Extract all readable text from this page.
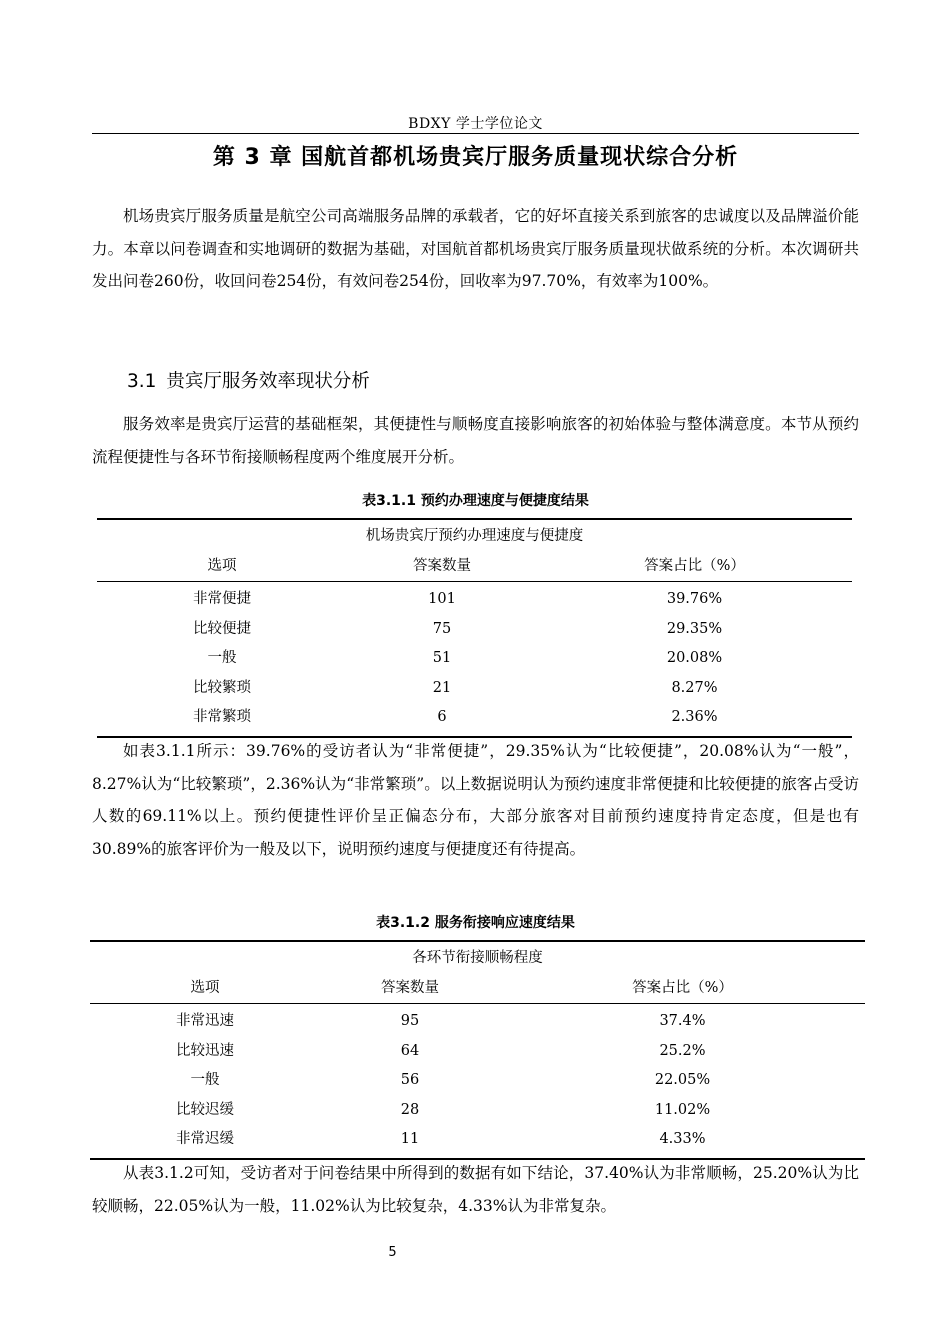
BDXY 学士学位论文
第 3 章 国航首都机场贵宾厅服务质量现状综合分析

机场贵宾厅服务质量是航空公司高端服务品牌的承载者，它的好坏直接关系到旅客的忠诚度以及品牌溢价能力。本章以问卷调查和实地调研的数据为基础，对国航首都机场贵宾厅服务质量现状做系统的分析。本次调研共发出问卷260份，收回问卷254份，有效问卷254份，回收率为97.70%，有效率为100%。

3.1 贵宾厅服务效率现状分析

服务效率是贵宾厅运营的基础框架，其便捷性与顺畅度直接影响旅客的初始体验与整体满意度。本节从预约流程便捷性与各环节衔接顺畅程度两个维度展开分析。

表3.1.1 预约办理速度与便捷度结果
机场贵宾厅预约办理速度与便捷度
选项	答案数量	答案占比（%）
非常便捷	101	39.76%
比较便捷	75	29.35%
一般	51	20.08%
比较繁琐	21	8.27%
非常繁琐	6	2.36%

如表3.1.1所示：39.76%的受访者认为“非常便捷”，29.35%认为“比较便捷”，20.08%认为“一般”，8.27%认为“比较繁琐”，2.36%认为“非常繁琐”。以上数据说明认为预约速度非常便捷和比较便捷的旅客占受访人数的69.11%以上。预约便捷性评价呈正偏态分布，大部分旅客对目前预约速度持肯定态度，但是也有30.89%的旅客评价为一般及以下，说明预约速度与便捷度还有待提高。

表3.1.2 服务衔接响应速度结果
各环节衔接顺畅程度
选项	答案数量	答案占比（%）
非常迅速	95	37.4%
比较迅速	64	25.2%
一般	56	22.05%
比较迟缓	28	11.02%
非常迟缓	11	4.33%

从表3.1.2可知，受访者对于问卷结果中所得到的数据有如下结论，37.40%认为非常顺畅，25.20%认为比较顺畅，22.05%认为一般，11.02%认为比较复杂，4.33%认为非常复杂。

5
